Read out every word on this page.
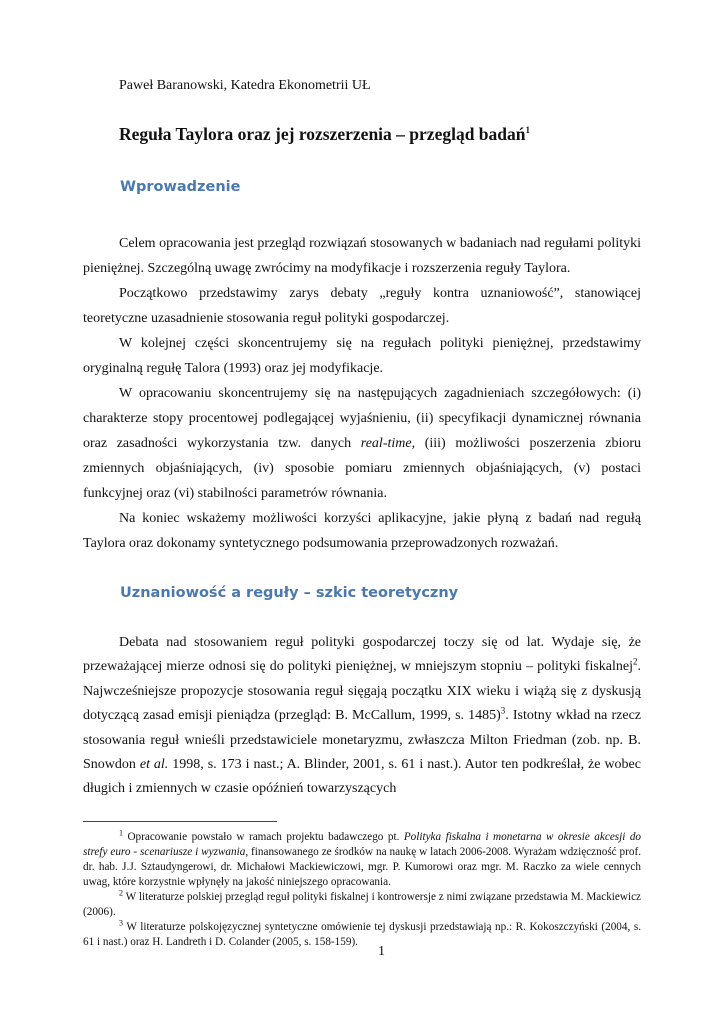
Paweł Baranowski, Katedra Ekonometrii UŁ
Reguła Taylora oraz jej rozszerzenia – przegląd badań$^1$
Wprowadzenie

Celem opracowania jest przegląd rozwiązań stosowanych w badaniach nad regułami polityki pieniężnej. Szczególną uwagę zwrócimy na modyfikacje i rozszerzenia reguły Taylora.

Początkowo przedstawimy zarys debaty „reguły kontra uznaniowość”, stanowiącej teoretyczne uzasadnienie stosowania reguł polityki gospodarczej.

W kolejnej części skoncentrujemy się na regułach polityki pieniężnej, przedstawimy oryginalną regułę Talora (1993) oraz jej modyfikacje.

W opracowaniu skoncentrujemy się na następujących zagadnieniach szczegółowych: (i) charakterze stopy procentowej podlegającej wyjaśnieniu, (ii) specyfikacji dynamicznej równania oraz zasadności wykorzystania tzw. danych real-time, (iii) możliwości poszerzenia zbioru zmiennych objaśniających, (iv) sposobie pomiaru zmiennych objaśniających, (v) postaci funkcyjnej oraz (vi) stabilności parametrów równania.

Na koniec wskażemy możliwości korzyści aplikacyjne, jakie płyną z badań nad regułą Taylora oraz dokonamy syntetycznego podsumowania przeprowadzonych rozważań.

Uznaniowość a reguły – szkic teoretyczny

Debata nad stosowaniem reguł polityki gospodarczej toczy się od lat. Wydaje się, że przeważającej mierze odnosi się do polityki pieniężnej, w mniejszym stopniu – polityki fiskalnej$^2$. Najwcześniejsze propozycje stosowania reguł sięgają początku XIX wieku i wiążą się z dyskusją dotyczącą zasad emisji pieniądza (przegląd: B. McCallum, 1999, s. 1485)$^3$. Istotny wkład na rzecz stosowania reguł wnieśli przedstawiciele monetaryzmu, zwłaszcza Milton Friedman (zob. np. B. Snowdon et al. 1998, s. 173 i nast.; A. Blinder, 2001, s. 61 i nast.). Autor ten podkreślał, że wobec długich i zmiennych w czasie opóźnień towarzyszących

$^1$ Opracowanie powstało w ramach projektu badawczego pt. Polityka fiskalna i monetarna w okresie akcesji do strefy euro - scenariusze i wyzwania, finansowanego ze środków na naukę w latach 2006-2008. Wyrażam wdzięczność prof. dr. hab. J.J. Sztaudyngerowi, dr. Michałowi Mackiewiczowi, mgr. P. Kumorowi oraz mgr. M. Raczko za wiele cennych uwag, które korzystnie wpłynęły na jakość niniejszego opracowania.

$^2$ W literaturze polskiej przegląd reguł polityki fiskalnej i kontrowersje z nimi związane przedstawia M. Mackiewicz (2006).

$^3$ W literaturze polskojęzycznej syntetyczne omówienie tej dyskusji przedstawiają np.: R. Kokoszczyński (2004, s. 61 i nast.) oraz H. Landreth i D. Colander (2005, s. 158-159).

1
